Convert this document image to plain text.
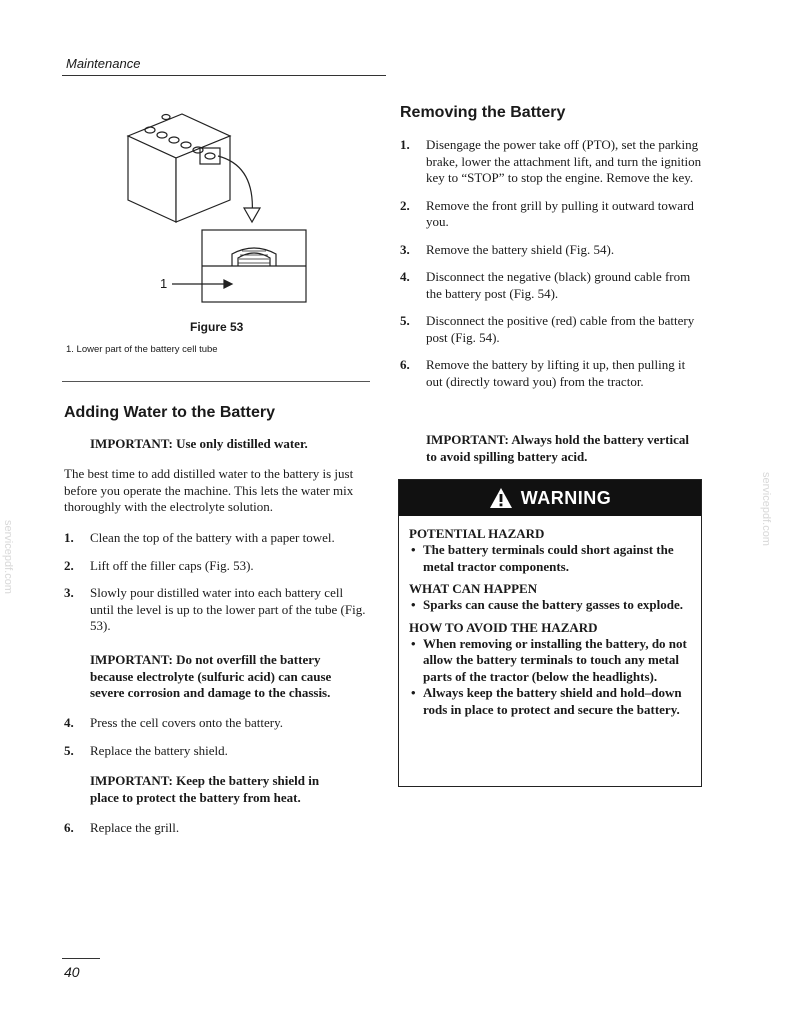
Maintenance
1
Figure 53
1. Lower part of the battery cell tube
Adding Water to the Battery

IMPORTANT: Use only distilled water.

The best time to add distilled water to the battery is just before you operate the machine. This lets the water mix thoroughly with the electrolyte solution.

1. Clean the top of the battery with a paper towel.
2. Lift off the filler caps (Fig. 53).
3. Slowly pour distilled water into each battery cell until the level is up to the lower part of the tube (Fig. 53).

IMPORTANT: Do not overfill the battery because electrolyte (sulfuric acid) can cause severe corrosion and damage to the chassis.

4. Press the cell covers onto the battery.
5. Replace the battery shield.

IMPORTANT: Keep the battery shield in place to protect the battery from heat.

6. Replace the grill.
Removing the Battery
1. Disengage the power take off (PTO), set the parking brake, lower the attachment lift, and turn the ignition key to “STOP” to stop the engine. Remove the key.
2. Remove the front grill by pulling it outward toward you.
3. Remove the battery shield (Fig. 54).
4. Disconnect the negative (black) ground cable from the battery post (Fig. 54).
5. Disconnect the positive (red) cable from the battery post (Fig. 54).
6. Remove the battery by lifting it up, then pulling it out (directly toward you) from the tractor.

IMPORTANT: Always hold the battery vertical to avoid spilling battery acid.

WARNING

POTENTIAL HAZARD

• The battery terminals could short against the metal tractor components.

WHAT CAN HAPPEN

• Sparks can cause the battery gasses to explode.

HOW TO AVOID THE HAZARD

• When removing or installing the battery, do not allow the battery terminals to touch any metal parts of the tractor (below the headlights).
• Always keep the battery shield and hold–down rods in place to protect and secure the battery.
servicepdf.com
servicepdf.com
40
